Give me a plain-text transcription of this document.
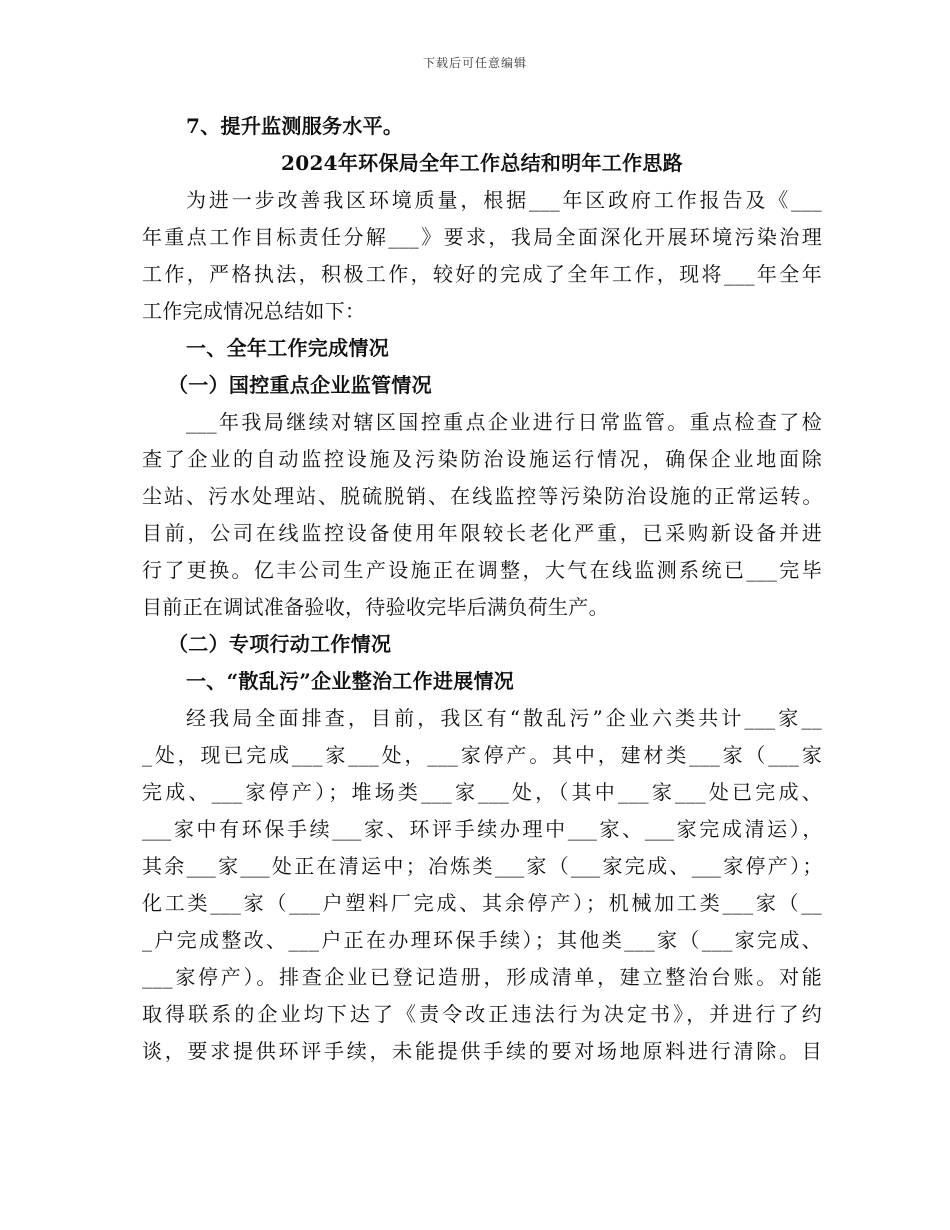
下载后可任意编辑
7、提升监测服务水平。
2024年环保局全年工作总结和明年工作思路
为进一步改善我区环境质量，根据___年区政府工作报告及《___
年重点工作目标责任分解___》要求，我局全面深化开展环境污染治理
工作，严格执法，积极工作，较好的完成了全年工作，现将___年全年
工作完成情况总结如下：
一、全年工作完成情况
（一）国控重点企业监管情况
___年我局继续对辖区国控重点企业进行日常监管。重点检查了检
查了企业的自动监控设施及污染防治设施运行情况，确保企业地面除
尘站、污水处理站、脱硫脱销、在线监控等污染防治设施的正常运转。
目前，公司在线监控设备使用年限较长老化严重，已采购新设备并进
行了更换。亿丰公司生产设施正在调整，大气在线监测系统已___完毕
目前正在调试准备验收，待验收完毕后满负荷生产。
（二）专项行动工作情况
一、“散乱污”企业整治工作进展情况
经我局全面排查，目前，我区有“散乱污”企业六类共计___家__
_处，现已完成___家___处，___家停产。其中，建材类___家（___家
完成、___家停产）；堆场类___家___处，（其中___家___处已完成、
___家中有环保手续___家、环评手续办理中___家、___家完成清运），
其余___家___处正在清运中；冶炼类___家（___家完成、___家停产）；
化工类___家（___户塑料厂完成、其余停产）；机械加工类___家（__
_户完成整改、___户正在办理环保手续）；其他类___家（___家完成、
___家停产）。排查企业已登记造册，形成清单，建立整治台账。对能
取得联系的企业均下达了《责令改正违法行为决定书》，并进行了约
谈，要求提供环评手续，未能提供手续的要对场地原料进行清除。目
